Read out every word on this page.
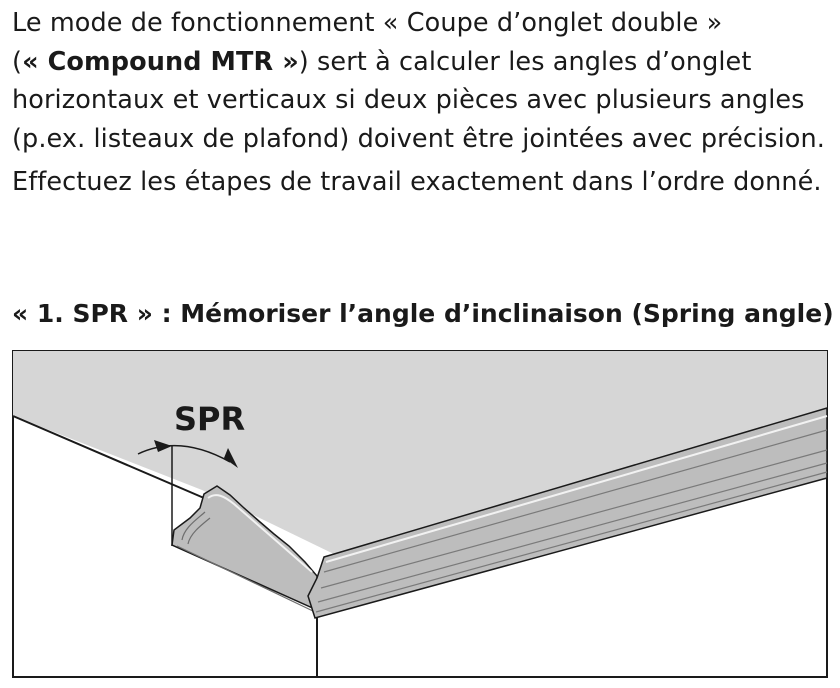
Le mode de fonctionnement « Coupe d’onglet double »
(« Compound MTR ») sert à calculer les angles d’onglet horizontaux et verticaux si deux pièces avec plusieurs angles (p.ex. listeaux de plafond) doivent être jointées avec précision.

Effectuez les étapes de travail exactement dans l’ordre donné.

« 1. SPR » : Mémoriser l’angle d’inclinaison (Spring angle)
SPR
